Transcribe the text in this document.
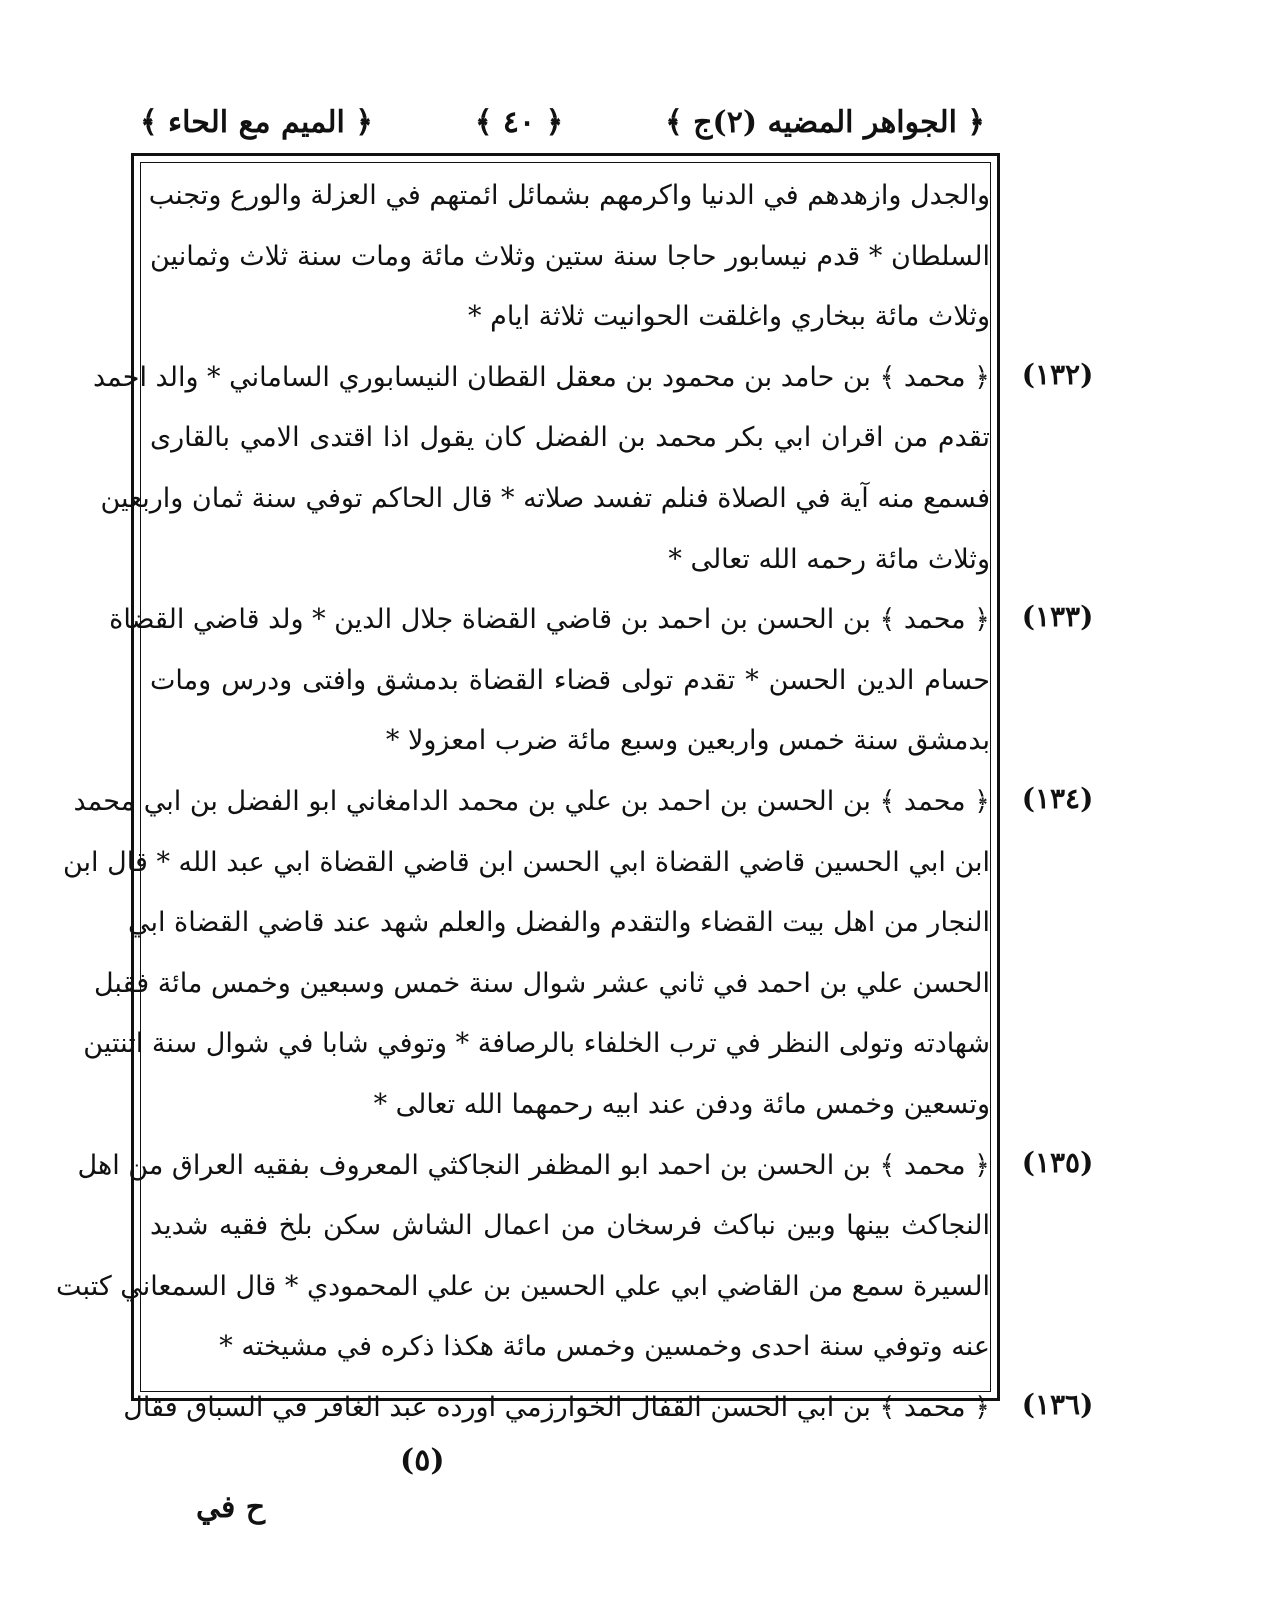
﴿ الجواهر المضيه (٢)ج ﴾
﴿ ٤٠ ﴾
﴿ الميم مع الحاء ﴾
والجدل وازهدهم في الدنيا واكرمهم بشمائل ائمتهم في العزلة والورع وتجنب
السلطان * قدم نيسابور حاجا سنة ستين وثلاث مائة ومات سنة ثلاث وثمانين
وثلاث مائة ببخاري واغلقت الحوانيت ثلاثة ايام *
﴿ محمد ﴾ بن حامد بن محمود بن معقل القطان النيسابوري الساماني * والد احمد
تقدم من اقران ابي بكر محمد بن الفضل كان يقول اذا اقتدى الامي بالقارى
فسمع منه آية في الصلاة فنلم تفسد صلاته * قال الحاكم توفي سنة ثمان واربعين
وثلاث مائة رحمه الله تعالى *
﴿ محمد ﴾ بن الحسن بن احمد بن قاضي القضاة جلال الدين * ولد قاضي القضاة
حسام الدين الحسن * تقدم تولى قضاء القضاة بدمشق وافتى ودرس ومات
بدمشق سنة خمس واربعين وسبع مائة ضرب امعزولا *
﴿ محمد ﴾ بن الحسن بن احمد بن علي بن محمد الدامغاني ابو الفضل بن ابي محمد
ابن ابي الحسين قاضي القضاة ابي الحسن ابن قاضي القضاة ابي عبد الله * قال ابن
النجار من اهل بيت القضاء والتقدم والفضل والعلم شهد عند قاضي القضاة ابي
الحسن علي بن احمد في ثاني عشر شوال سنة خمس وسبعين وخمس مائة فقبل
شهادته وتولى النظر في ترب الخلفاء بالرصافة * وتوفي شابا في شوال سنة اثنتين
وتسعين وخمس مائة ودفن عند ابيه رحمهما الله تعالى *
﴿ محمد ﴾ بن الحسن بن احمد ابو المظفر النجاكثي المعروف بفقيه العراق من اهل
النجاكث بينها وبين نباكث فرسخان من اعمال الشاش سكن بلخ فقيه شديد
السيرة سمع من القاضي ابي علي الحسين بن علي المحمودي * قال السمعاني كتبت
عنه وتوفي سنة احدى وخمسين وخمس مائة هكذا ذكره في مشيخته *
﴿ محمد ﴾ بن ابي الحسن القفال الخوارزمي اورده عبد الغافر في السباق فقال
(١٣٢)
(١٣٣)
(١٣٤)
(١٣٥)
(١٣٦)
(٥)
ح في
